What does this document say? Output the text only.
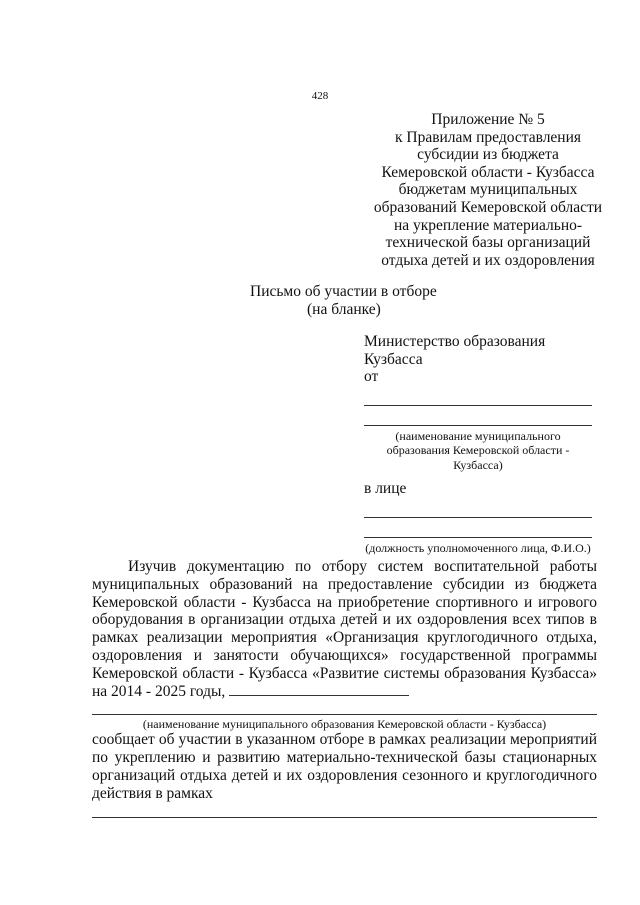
428
Приложение № 5
к Правилам предоставления
субсидии из бюджета
Кемеровской области - Кузбасса
бюджетам муниципальных
образований Кемеровской области
на укрепление материально-
технической базы организаций
отдыха детей и их оздоровления
Письмо об участии в отборе
(на бланке)
Министерство образования
Кузбасса
от
(наименование муниципального образования Кемеровской области - Кузбасса)
в лице
(должность уполномоченного лица, Ф.И.О.)
Изучив документацию по отбору систем воспитательной работы муниципальных образований на предоставление субсидии из бюджета Кемеровской области - Кузбасса на приобретение спортивного и игрового оборудования в организации отдыха детей и их оздоровления всех типов в рамках реализации мероприятия «Организация круглогодичного отдыха, оздоровления и занятости обучающихся» государственной программы Кемеровской области - Кузбасса «Развитие системы образования Кузбасса» на 2014 - 2025 годы,
(наименование муниципального образования Кемеровской области - Кузбасса)
сообщает об участии в указанном отборе в рамках реализации мероприятий по укреплению и развитию материально-технической базы стационарных организаций отдыха детей и их оздоровления сезонного и круглогодичного действия в рамках
